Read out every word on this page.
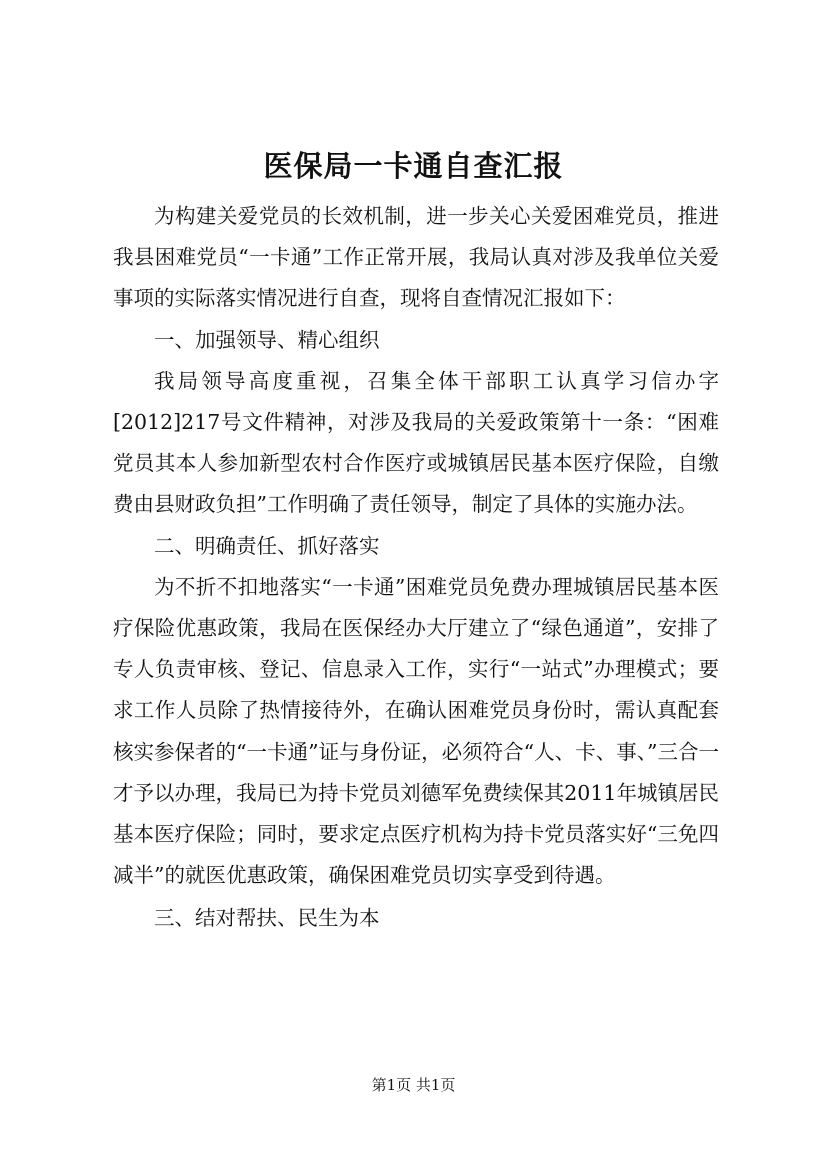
医保局一卡通自查汇报

为构建关爱党员的长效机制，进一步关心关爱困难党员，推进我县困难党员“一卡通”工作正常开展，我局认真对涉及我单位关爱事项的实际落实情况进行自查，现将自查情况汇报如下：

一、加强领导、精心组织

我局领导高度重视，召集全体干部职工认真学习信办字[2012]217号文件精神，对涉及我局的关爱政策第十一条：“困难党员其本人参加新型农村合作医疗或城镇居民基本医疗保险，自缴费由县财政负担”工作明确了责任领导，制定了具体的实施办法。

二、明确责任、抓好落实

为不折不扣地落实“一卡通”困难党员免费办理城镇居民基本医疗保险优惠政策，我局在医保经办大厅建立了“绿色通道”，安排了专人负责审核、登记、信息录入工作，实行“一站式”办理模式；要求工作人员除了热情接待外，在确认困难党员身份时，需认真配套核实参保者的“一卡通”证与身份证，必须符合“人、卡、事、”三合一才予以办理，我局已为持卡党员刘德军免费续保其2011年城镇居民基本医疗保险；同时，要求定点医疗机构为持卡党员落实好“三免四减半”的就医优惠政策，确保困难党员切实享受到待遇。

三、结对帮扶、民生为本

第1页 共1页
